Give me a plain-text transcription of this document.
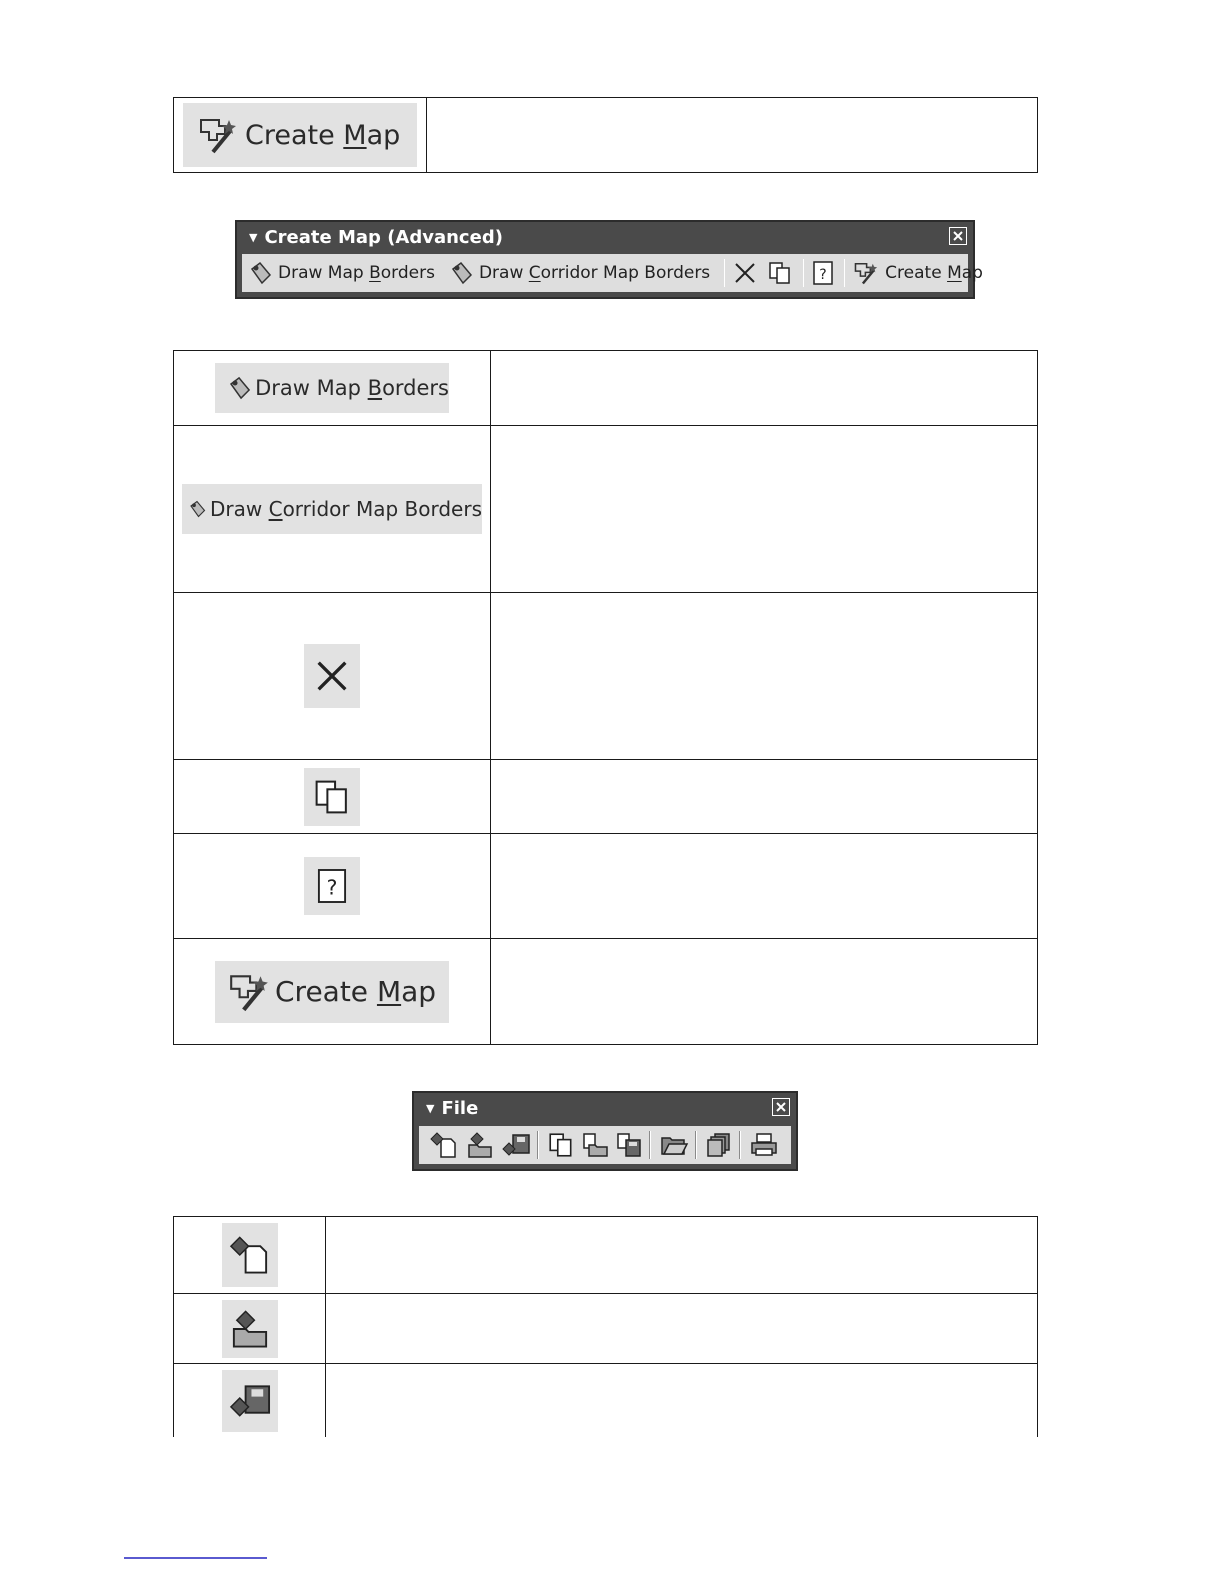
Create Map

▼ Create Map (Advanced)
Draw Map Borders	Draw Corridor Map Borders	?	Create Map
Draw Map Borders	

Draw Corridor Map Borders	

?	

Create Map	

▼ File
